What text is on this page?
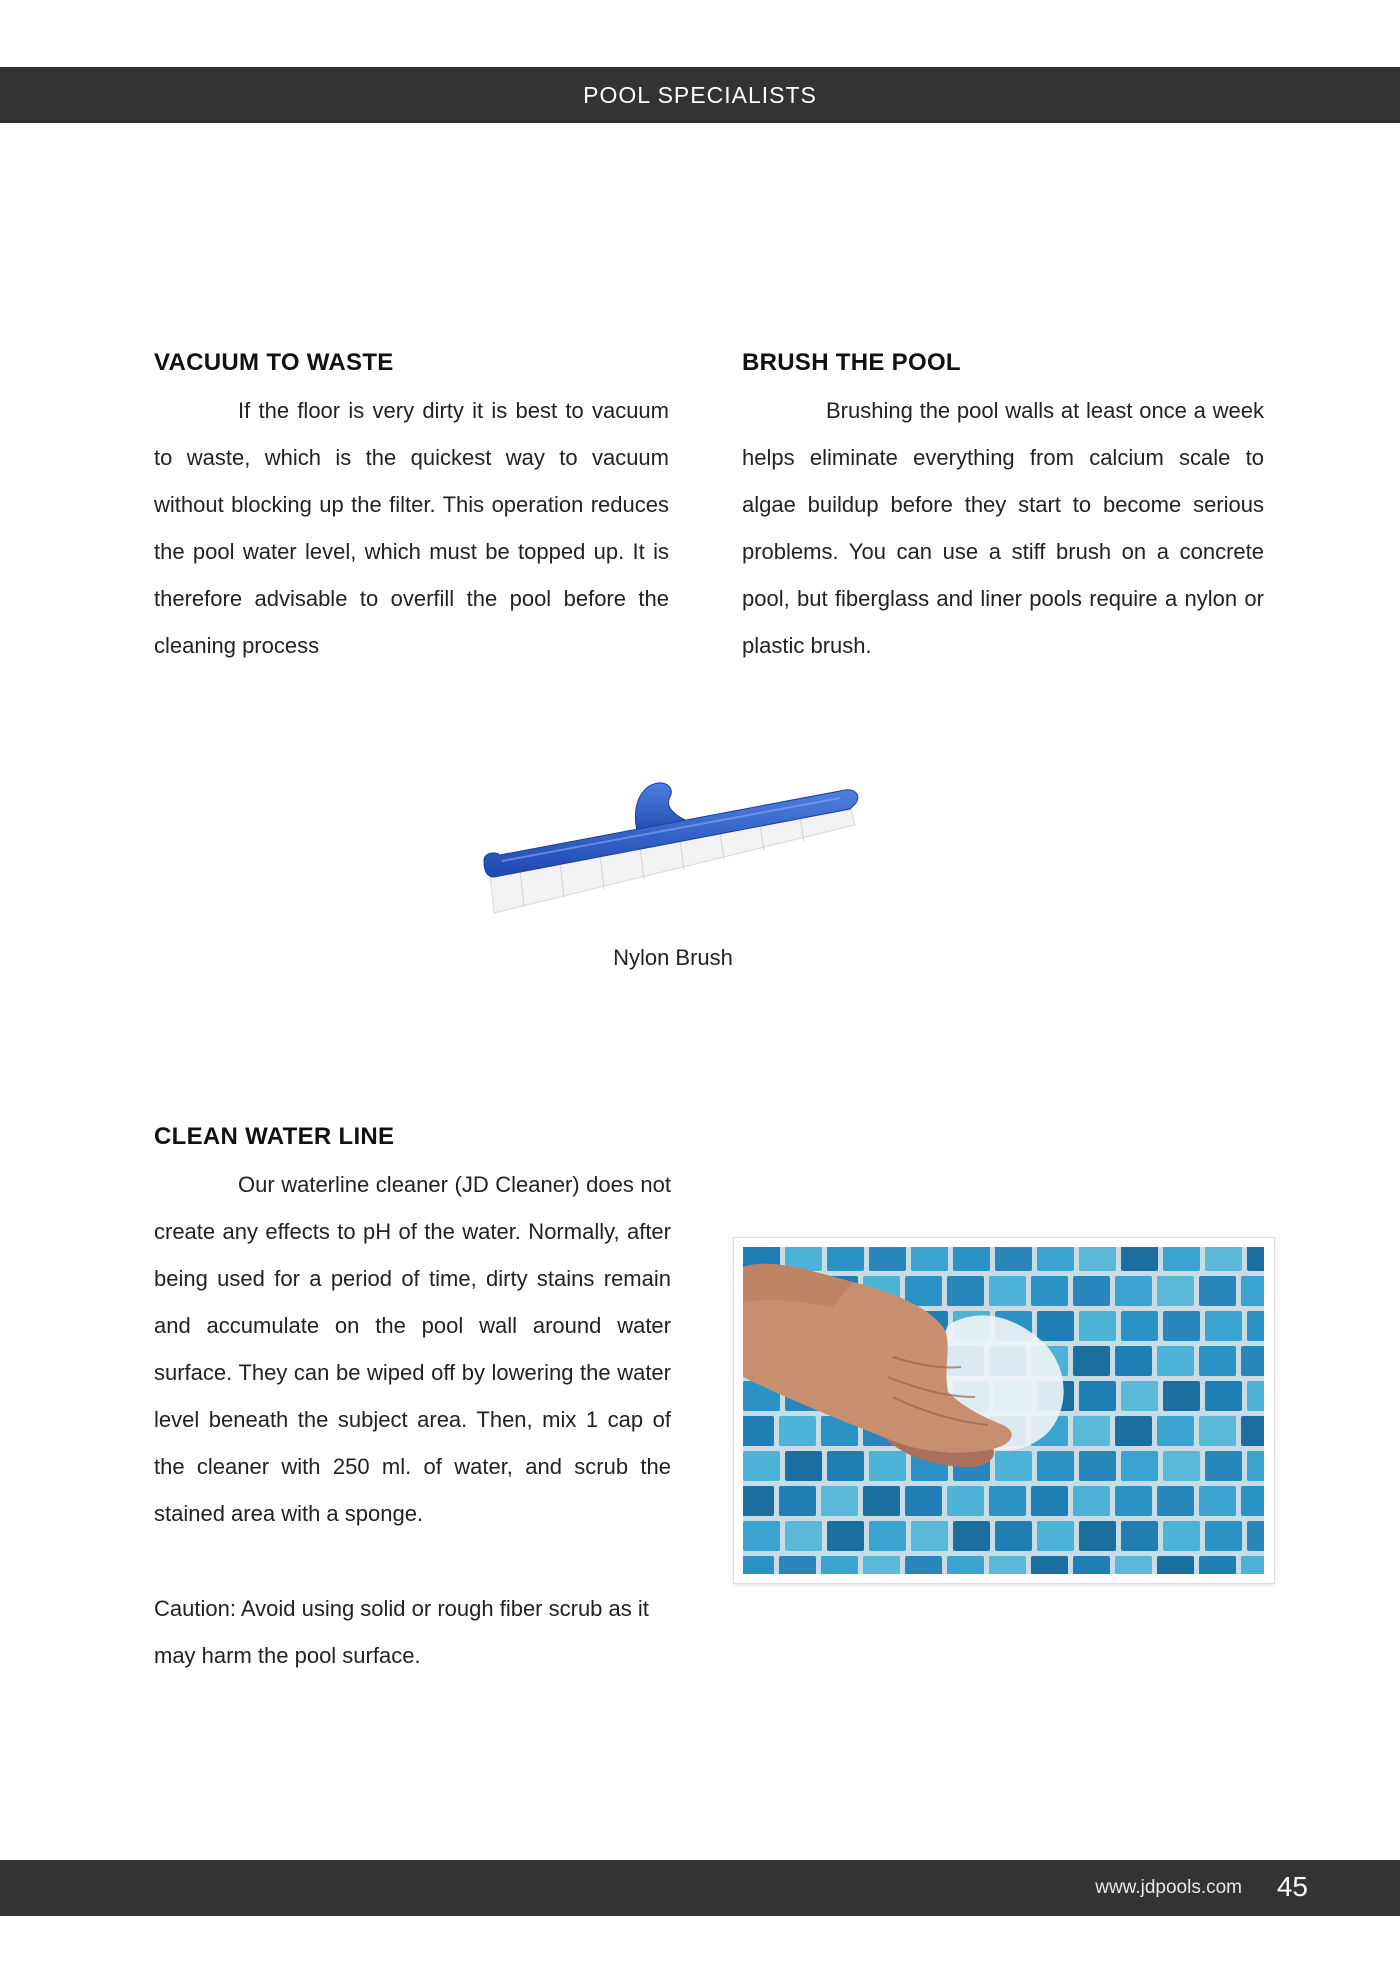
POOL SPECIALISTS
VACUUM TO WASTE

If the floor is very dirty it is best to vacuum to waste, which is the quickest way to vacuum without blocking up the filter. This operation reduces the pool water level, which must be topped up. It is therefore advisable to overfill the pool before the cleaning process

BRUSH THE POOL

Brushing the pool walls at least once a week helps eliminate everything from calcium scale to algae buildup before they start to become serious problems. You can use a stiff brush on a concrete pool, but fiberglass and liner pools require a nylon or plastic brush.

Nylon Brush

CLEAN WATER LINE

Our waterline cleaner (JD Cleaner) does not create any effects to pH of the water. Normally, after being used for a period of time, dirty stains remain and accumulate on the pool wall around water surface. They can be wiped off by lowering the water level beneath the subject area. Then, mix 1 cap of the cleaner with 250 ml. of water, and scrub the stained area with a sponge.

Caution: Avoid using solid or rough fiber scrub as it may harm the pool surface.

www.jdpools.com 45
